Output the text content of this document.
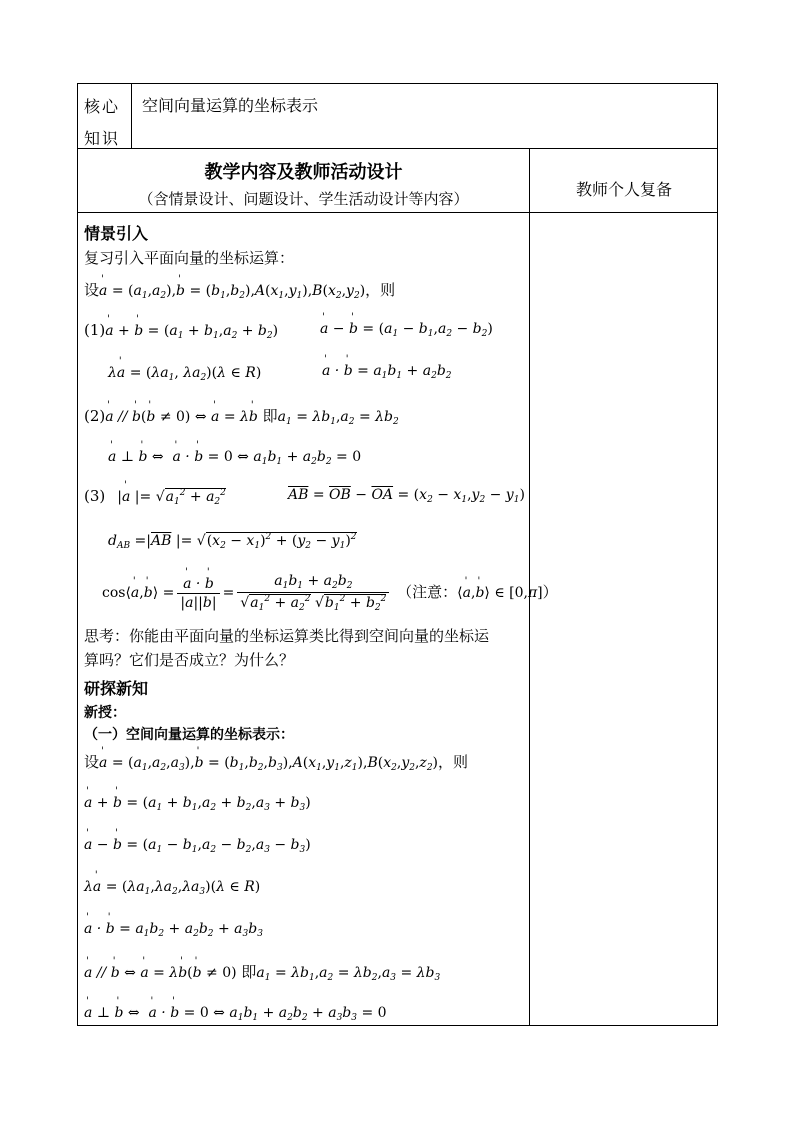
核心
知识
空间向量运算的坐标表示
教学内容及教师活动设计
（含情景设计、问题设计、学生活动设计等内容）	教师个人复备
情景引入
复习引入平面向量的坐标运算：
设' $a = (a_1,a_2),'$ $b = (b_1,b_2),A(x_1,y_1),B(x_2,y_2)$，则
(1)' a + ' $b = (a_1 + b_1,a_2 + b_2)$	' a − ' $b = (a_1 - b_1,a_2 - b_2)$
λ' $a = (\lambda a_1$, $\lambda a_2)(\lambda$ ∈ R)	' a · ' $b = a_1b_1 + a_2b_2$
(2)' a // ' b(' b ≠ 0) ⇔ ' a = λ' b 即$a_1 = \lambda b_1,a_2 = \lambda b_2$
' a ⊥ ' b ⇔ ' a · ' b = 0 ⇔ $a_1b_1 + a_2b_2 = 0$
(3) |' a |= $√a_1^2 + a_2^2$	$\overline{AB} = \overline{OB} - \overline{OA} = (x_2 - x_1,y_2 - y_1)$
$d_{AB} =|\overline{AB}$ |= $√(x_2 - x_1)^2 + (y_2 - y_1)^2$
cos⟨' a,' b⟩ = ' $\frac{a \cdot ' b}{|a||b|} = \frac{a_1b_1 + a_2b_2}{√a_1^2 + a_2^2 √b_1^2 + b_2^2}$ （注意：⟨' a,' b⟩ ∈ [0,π]）
思考：你能由平面向量的坐标运算类比得到空间向量的坐标运
算吗？它们是否成立？为什么？
研探新知
新授：
（一）空间向量运算的坐标表示：
设' $a = (a_1,a_2,a_3),'$ $b = (b_1,b_2,b_3),A(x_1,y_1,z_1),B(x_2,y_2,z_2)$，则
' a + ' $b = (a_1 + b_1,a_2 + b_2,a_3 + b_3)$
' a − ' $b = (a_1 - b_1,a_2 - b_2,a_3 - b_3)$
λ' $a = (\lambda a_1,\lambda a_2,\lambda a_3)(\lambda$ ∈ R)
' a · ' $b = a_1b_2 + a_2b_2 + a_3b_3$
' a // ' b ⇔ ' a = λ' b(' b ≠ 0) 即$a_1 = \lambda b_1,a_2 = \lambda b_2,a_3 = \lambda b_3$
' a ⊥ ' b ⇔ ' a · ' b = 0 ⇔ $a_1b_1 + a_2b_2 + a_3b_3 = 0$
